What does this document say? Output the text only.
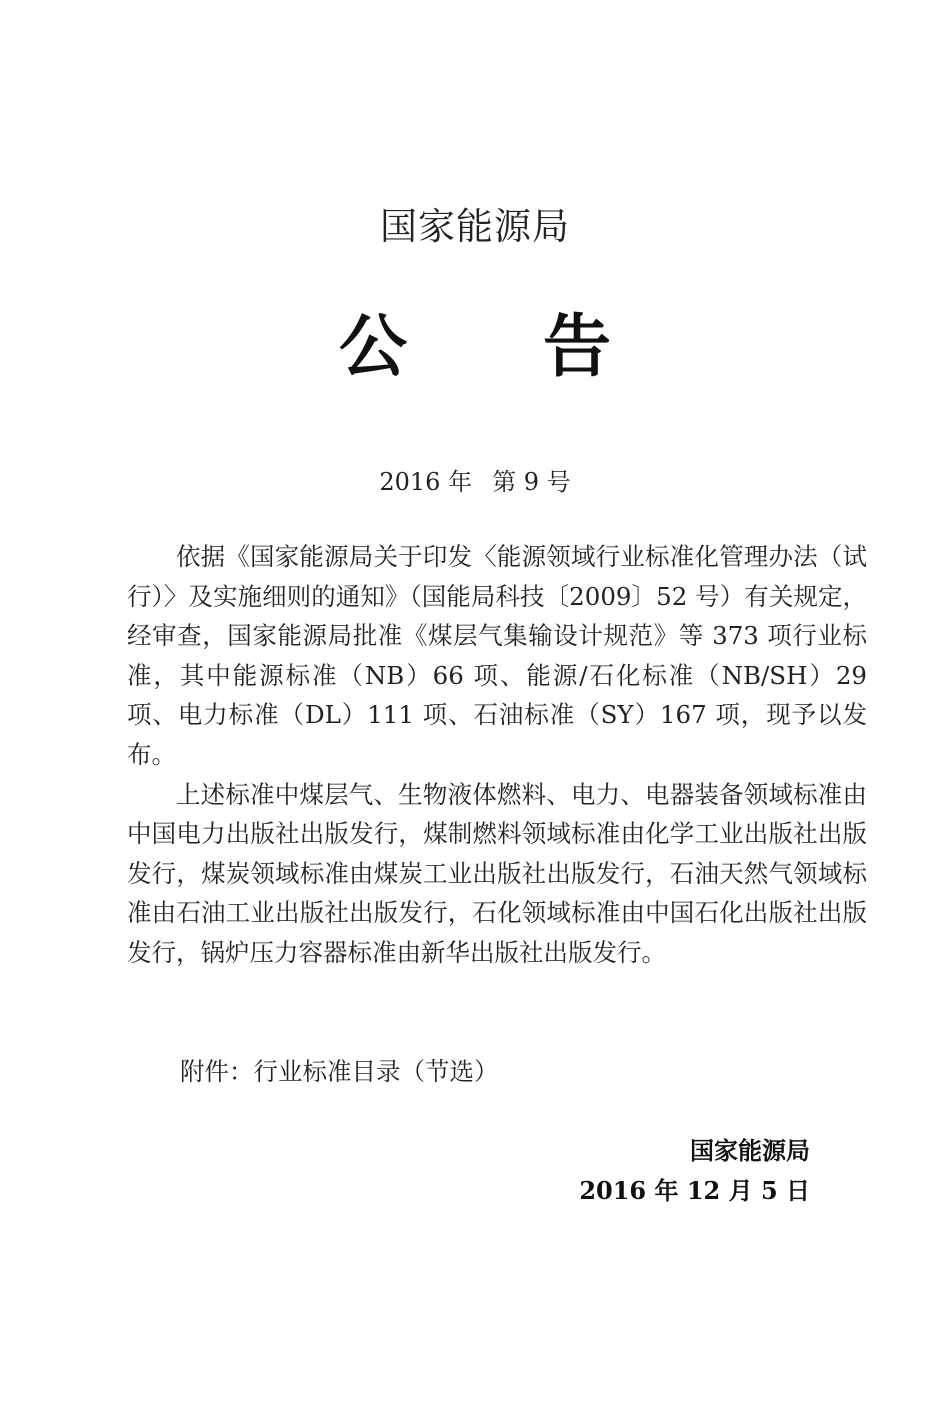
国家能源局
公 告
2016 年 第 9 号

依据《国家能源局关于印发〈能源领域行业标准化管理办法（试行）〉及实施细则的通知》（国能局科技〔2009〕52 号）有关规定，经审查，国家能源局批准《煤层气集输设计规范》等 373 项行业标准，其中能源标准（NB）66 项、能源/石化标准（NB/SH）29 项、电力标准（DL）111 项、石油标准（SY）167 项，现予以发布。

上述标准中煤层气、生物液体燃料、电力、电器装备领域标准由中国电力出版社出版发行，煤制燃料领域标准由化学工业出版社出版发行，煤炭领域标准由煤炭工业出版社出版发行，石油天然气领域标准由石油工业出版社出版发行，石化领域标准由中国石化出版社出版发行，锅炉压力容器标准由新华出版社出版发行。

附件：行业标准目录（节选）
国家能源局
2016 年 12 月 5 日
